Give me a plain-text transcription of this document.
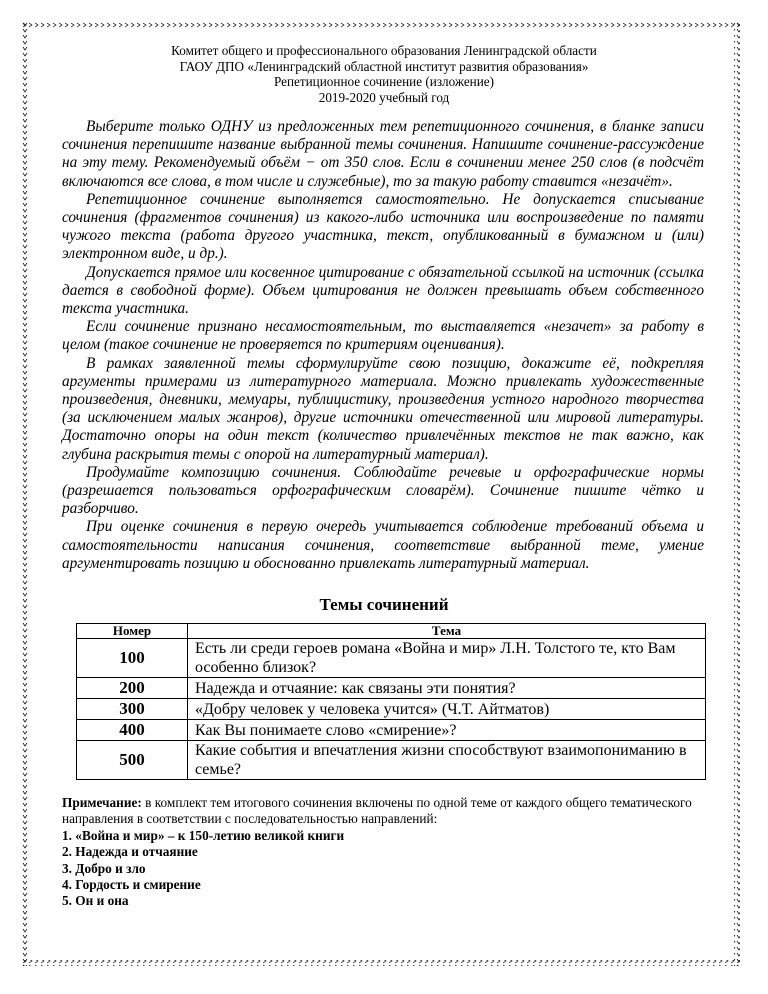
Комитет общего и профессионального образования Ленинградской области
ГАОУ ДПО «Ленинградский областной институт развития образования»
Репетиционное сочинение (изложение)
2019-2020 учебный год

Выберите только ОДНУ из предложенных тем репетиционного сочинения, в бланке записи сочинения перепишите название выбранной темы сочинения. Напишите сочинение-рассуждение на эту тему. Рекомендуемый объём − от 350 слов. Если в сочинении менее 250 слов (в подсчёт включаются все слова, в том числе и служебные), то за такую работу ставится «незачёт».

Репетиционное сочинение выполняется самостоятельно. Не допускается списывание сочинения (фрагментов сочинения) из какого-либо источника или воспроизведение по памяти чужого текста (работа другого участника, текст, опубликованный в бумажном и (или) электронном виде, и др.).

Допускается прямое или косвенное цитирование с обязательной ссылкой на источник (ссылка дается в свободной форме). Объем цитирования не должен превышать объем собственного текста участника.

Если сочинение признано несамостоятельным, то выставляется «незачет» за работу в целом (такое сочинение не проверяется по критериям оценивания).

В рамках заявленной темы сформулируйте свою позицию, докажите её, подкрепляя аргументы примерами из литературного материала. Можно привлекать художественные произведения, дневники, мемуары, публицистику, произведения устного народного творчества (за исключением малых жанров), другие источники отечественной или мировой литературы. Достаточно опоры на один текст (количество привлечённых текстов не так важно, как глубина раскрытия темы с опорой на литературный материал).

Продумайте композицию сочинения. Соблюдайте речевые и орфографические нормы (разрешается пользоваться орфографическим словарём). Сочинение пишите чётко и разборчиво.

При оценке сочинения в первую очередь учитывается соблюдение требований объема и самостоятельности написания сочинения, соответствие выбранной теме, умение аргументировать позицию и обоснованно привлекать литературный материал.

Темы сочинений
Номер	Тема
100	Есть ли среди героев романа «Война и мир» Л.Н. Толстого те, кто Вам особенно близок?
200	Надежда и отчаяние: как связаны эти понятия?
300	«Добру человек у человека учится» (Ч.Т. Айтматов)
400	Как Вы понимаете слово «смирение»?
500	Какие события и впечатления жизни способствуют взаимопониманию в семье?
Примечание: в комплект тем итогового сочинения включены по одной теме от каждого общего тематического направления в соответствии с последовательностью направлений:
1. «Война и мир» – к 150-летию великой книги
2. Надежда и отчаяние
3. Добро и зло
4. Гордость и смирение
5. Он и она
